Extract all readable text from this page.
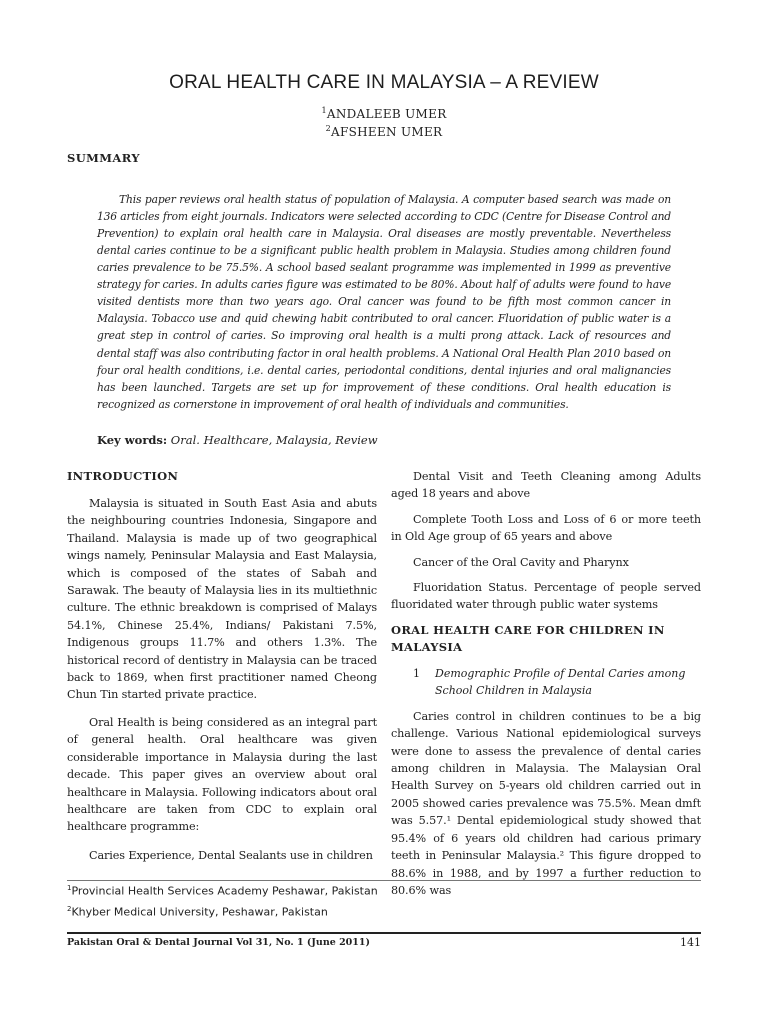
ORAL HEALTH CARE IN MALAYSIA – A REVIEW
$^1$ANDALEEB UMER
$^2$AFSHEEN UMER
SUMMARY

This paper reviews oral health status of population of Malaysia. A computer based search was made on 136 articles from eight journals. Indicators were selected according to CDC (Centre for Disease Control and Prevention) to explain oral health care in Malaysia. Oral diseases are mostly preventable. Nevertheless dental caries continue to be a significant public health problem in Malaysia. Studies among children found caries prevalence to be 75.5%. A school based sealant programme was implemented in 1999 as preventive strategy for caries. In adults caries figure was estimated to be 80%. About half of adults were found to have visited dentists more than two years ago. Oral cancer was found to be fifth most common cancer in Malaysia. Tobacco use and quid chewing habit contributed to oral cancer. Fluoridation of public water is a great step in control of caries. So improving oral health is a multi prong attack. Lack of resources and dental staff was also contributing factor in oral health problems. A National Oral Health Plan 2010 based on four oral health conditions, i.e. dental caries, periodontal conditions, dental injuries and oral malignancies has been launched. Targets are set up for improvement of these conditions. Oral health education is recognized as cornerstone in improvement of oral health of individuals and communities.

Key words: Oral. Healthcare, Malaysia, Review
INTRODUCTION

Malaysia is situated in South East Asia and abuts the neighbouring countries Indonesia, Singapore and Thailand. Malaysia is made up of two geographical wings namely, Peninsular Malaysia and East Malaysia, which is composed of the states of Sabah and Sarawak. The beauty of Malaysia lies in its multiethnic culture. The ethnic breakdown is comprised of Malays 54.1%, Chinese 25.4%, Indians/ Pakistani 7.5%, Indigenous groups 11.7% and others 1.3%. The historical record of dentistry in Malaysia can be traced back to 1869, when first practitioner named Cheong Chun Tin started private practice.

Oral Health is being considered as an integral part of general health. Oral healthcare was given considerable importance in Malaysia during the last decade. This paper gives an overview about oral healthcare in Malaysia. Following indicators about oral healthcare are taken from CDC to explain oral healthcare programme:

Caries Experience, Dental Sealants use in children

Dental Visit and Teeth Cleaning among Adults aged 18 years and above

Complete Tooth Loss and Loss of 6 or more teeth in Old Age group of 65 years and above

Cancer of the Oral Cavity and Pharynx

Fluoridation Status. Percentage of people served fluoridated water through public water systems

ORAL HEALTH CARE FOR CHILDREN IN MALAYSIA
1 Demographic Profile of Dental Caries among School Children in Malaysia

Caries control in children continues to be a big challenge. Various National epidemiological surveys were done to assess the prevalence of dental caries among children in Malaysia. The Malaysian Oral Health Survey on 5-years old children carried out in 2005 showed caries prevalence was 75.5%. Mean dmft was 5.57.¹ Dental epidemiological study showed that 95.4% of 6 years old children had carious primary teeth in Peninsular Malaysia.² This figure dropped to 88.6% in 1988, and by 1997 a further reduction to 80.6% was

$^1$Provincial Health Services Academy Peshawar, Pakistan
$^2$Khyber Medical University, Peshawar, Pakistan
Pakistan Oral & Dental Journal Vol 31, No. 1 (June 2011)	141
